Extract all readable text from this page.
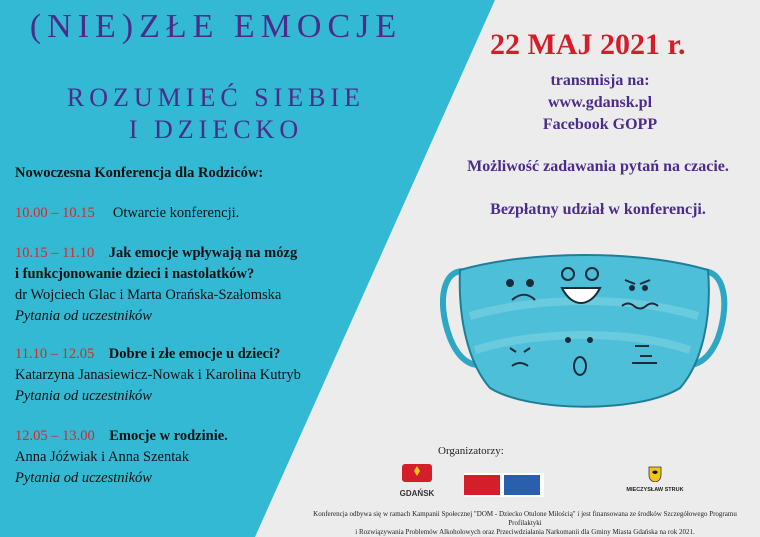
(NIE)ZŁE EMOCJE
ROZUMIEĆ SIEBIE
I DZIECKO
Nowoczesna Konferencja dla Rodziców:
10.00 – 10.15 Otwarcie konferencji.
10.15 – 11.10 Jak emocje wpływają na mózg
i funkcjonowanie dzieci i nastolatków?
dr Wojciech Glac i Marta Orańska-Szałomska
Pytania od uczestników
11.10 – 12.05 Dobre i złe emocje u dzieci?
Katarzyna Janasiewicz-Nowak i Karolina Kutryb
Pytania od uczestników
12.05 – 13.00 Emocje w rodzinie.
Anna Jóźwiak i Anna Szentak
Pytania od uczestników
22 MAJ 2021 r.
transmisja na:
www.gdansk.pl
Facebook GOPP
Możliwość zadawania pytań na czacie.
Bezpłatny udział w konferencji.
Organizatorzy:
GDAŃSK	MIECZYSŁAW STRUK
Konferencja odbywa się w ramach Kampanii Społecznej "DOM - Dziecko Otulone Miłością" i jest finansowana ze środków Szczegółowego Programu Profilaktyki
i Rozwiązywania Problemów Alkoholowych oraz Przeciwdziałania Narkomanii dla Gminy Miasta Gdańska na rok 2021.
